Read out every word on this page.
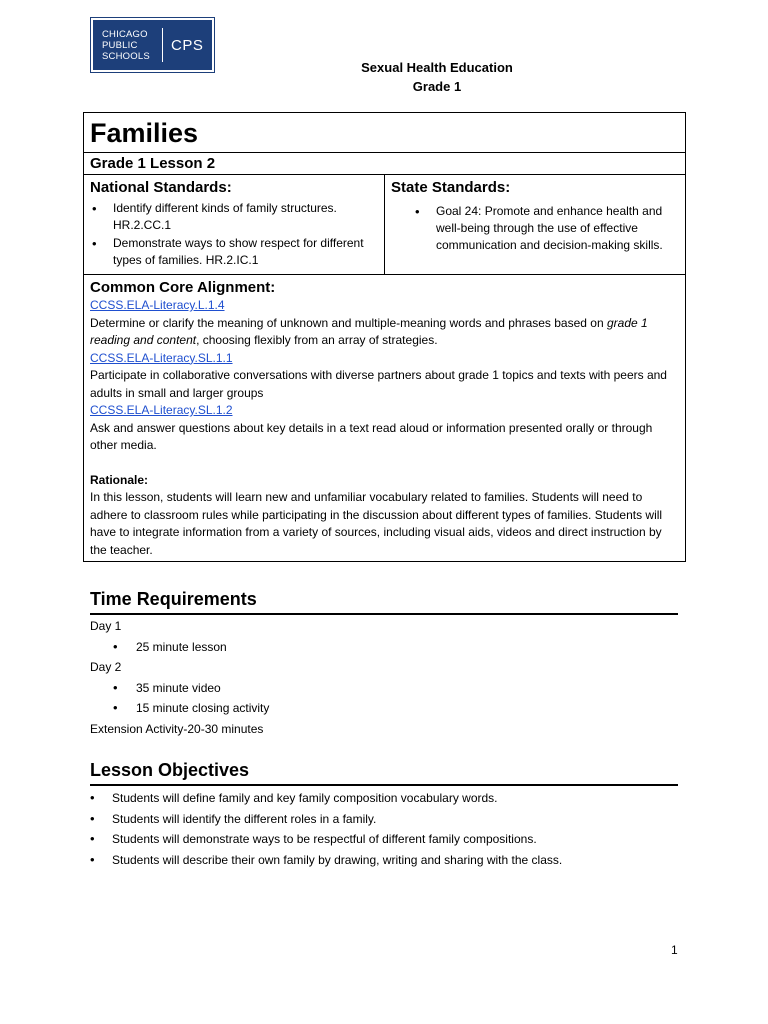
CHICAGO
PUBLIC
SCHOOLS
CPS
Sexual Health Education
Grade 1
Families
Grade 1 Lesson 2

National Standards:
• Identify different kinds of family structures. HR.2.CC.1
• Demonstrate ways to show respect for different types of families. HR.2.IC.1

State Standards:
• Goal 24: Promote and enhance health and well-being through the use of effective communication and decision-making skills.

Common Core Alignment:
CCSS.ELA-Literacy.L.1.4

Determine or clarify the meaning of unknown and multiple-meaning words and phrases based on grade 1 reading and content, choosing flexibly from an array of strategies.

CCSS.ELA-Literacy.SL.1.1

Participate in collaborative conversations with diverse partners about grade 1 topics and texts with peers and adults in small and larger groups

CCSS.ELA-Literacy.SL.1.2

Ask and answer questions about key details in a text read aloud or information presented orally or through other media.

Rationale:

In this lesson, students will learn new and unfamiliar vocabulary related to families. Students will need to adhere to classroom rules while participating in the discussion about different types of families. Students will have to integrate information from a variety of sources, including visual aids, videos and direct instruction by the teacher.

Time Requirements
Day 1
• 25 minute lesson
Day 2
• 35 minute video
• 15 minute closing activity
Extension Activity-20-30 minutes
Lesson Objectives
• Students will define family and key family composition vocabulary words.
• Students will identify the different roles in a family.
• Students will demonstrate ways to be respectful of different family compositions.
• Students will describe their own family by drawing, writing and sharing with the class.
1
